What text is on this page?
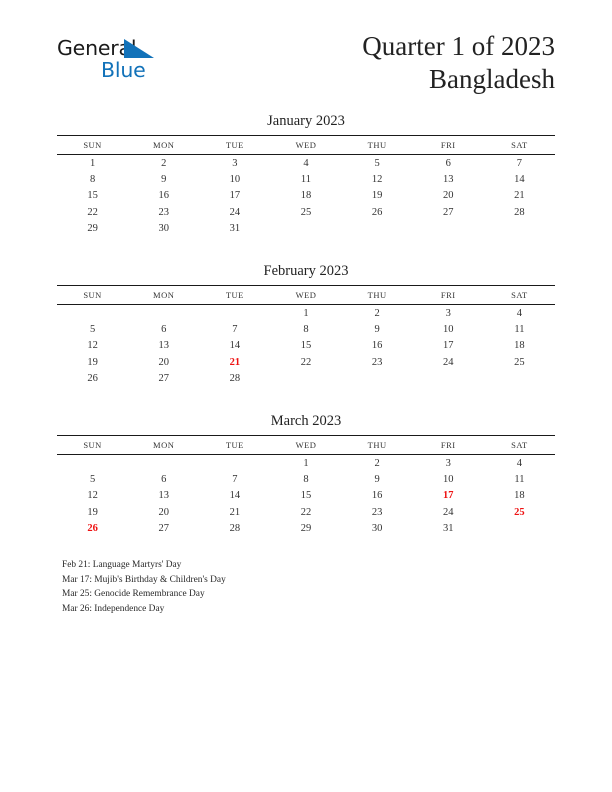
General
Blue
Quarter 1 of 2023
Bangladesh
January 2023
SUN	MON	TUE	WED	THU	FRI	SAT
1	2	3	4	5	6	7
8	9	10	11	12	13	14
15	16	17	18	19	20	21
22	23	24	25	26	27	28
29	30	31				
February 2023
SUN	MON	TUE	WED	THU	FRI	SAT
			1	2	3	4
5	6	7	8	9	10	11
12	13	14	15	16	17	18
19	20	21	22	23	24	25
26	27	28				
March 2023
SUN	MON	TUE	WED	THU	FRI	SAT
			1	2	3	4
5	6	7	8	9	10	11
12	13	14	15	16	17	18
19	20	21	22	23	24	25
26	27	28	29	30	31	
Feb 21: Language Martyrs' Day
Mar 17: Mujib's Birthday & Children's Day
Mar 25: Genocide Remembrance Day
Mar 26: Independence Day
